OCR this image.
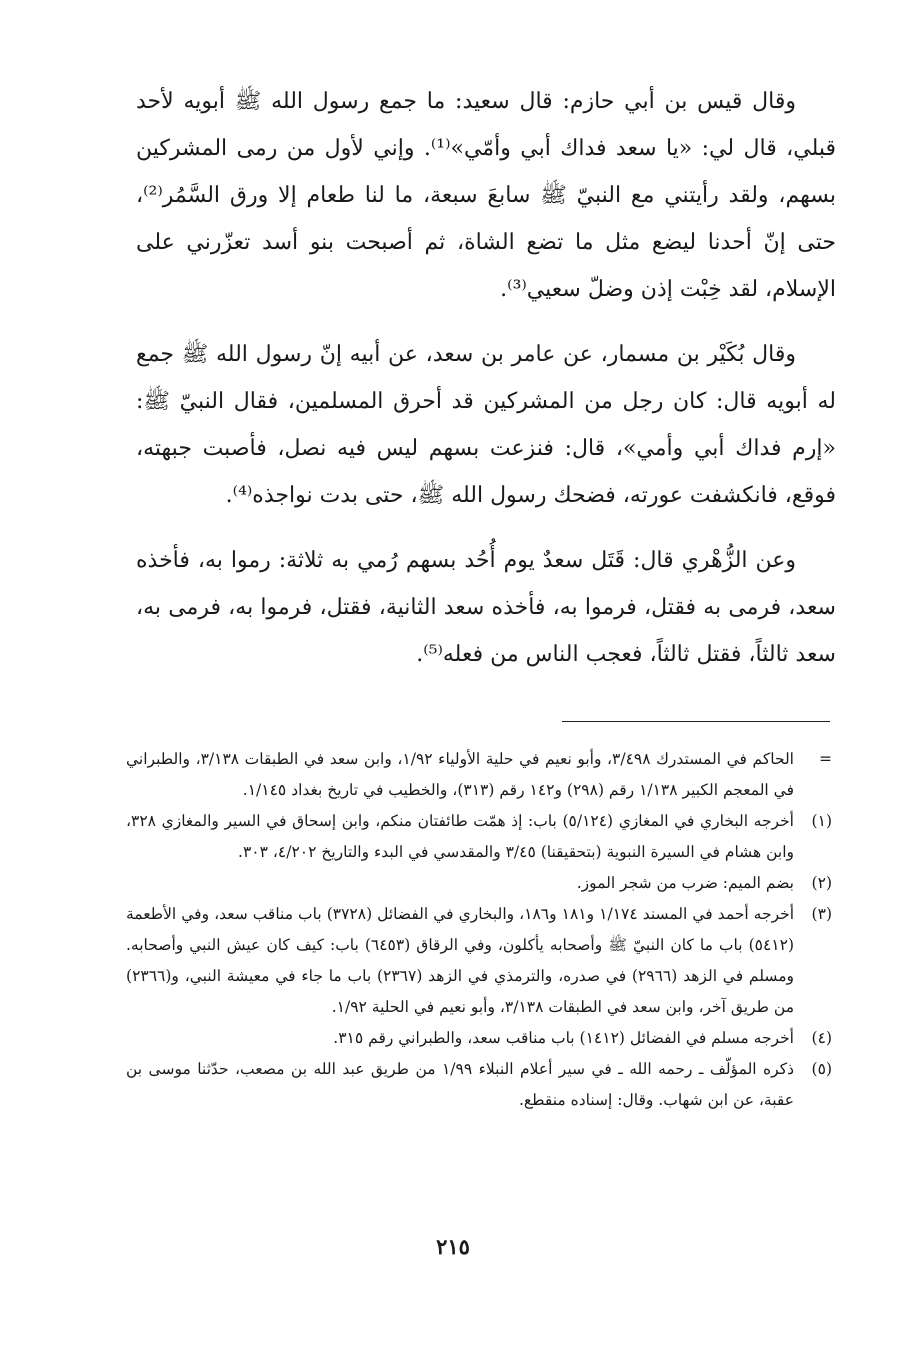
وقال قيس بن أبي حازم: قال سعيد: ما جمع رسول الله ﷺ أبويه لأحد قبلي، قال لي: «يا سعد فداك أبي وأمّي»⁽¹⁾. وإني لأول من رمى المشركين بسهم، ولقد رأيتني مع النبيّ ﷺ سابعَ سبعة، ما لنا طعام إلا ورق السَّمُر⁽²⁾، حتى إنّ أحدنا ليضع مثل ما تضع الشاة، ثم أصبحت بنو أسد تعزّرني على الإسلام، لقد خِبْت إذن وضلّ سعيي⁽³⁾.

وقال بُكَيْر بن مسمار، عن عامر بن سعد، عن أبيه إنّ رسول الله ﷺ جمع له أبويه قال: كان رجل من المشركين قد أحرق المسلمين، فقال النبيّ ﷺ: «إرم فداك أبي وأمي»، قال: فنزعت بسهم ليس فيه نصل، فأصبت جبهته، فوقع، فانكشفت عورته، فضحك رسول الله ﷺ، حتى بدت نواجذه⁽⁴⁾.

وعن الزُّهْري قال: قَتَل سعدٌ يوم أُحُد بسهم رُمي به ثلاثة: رموا به، فأخذه سعد، فرمى به فقتل، فرموا به، فأخذه سعد الثانية، فقتل، فرموا به، فرمى به، سعد ثالثاً، فقتل ثالثاً، فعجب الناس من فعله⁽⁵⁾.

=
الحاكم في المستدرك ٣/٤٩٨، وأبو نعيم في حلية الأولياء ١/٩٢، وابن سعد في الطبقات ٣/١٣٨، والطبراني في المعجم الكبير ١/١٣٨ رقم (٢٩٨) و١٤٢ رقم (٣١٣)، والخطيب في تاريخ بغداد ١/١٤٥.
(١)
أخرجه البخاري في المغازي (٥/١٢٤) باب: إذ همّت طائفتان منكم، وابن إسحاق في السير والمغازي ٣٢٨، وابن هشام في السيرة النبوية (بتحقيقنا) ٣/٤٥ والمقدسي في البدء والتاريخ ٤/٢٠٢، ٣٠٣.
(٢)
بضم الميم: ضرب من شجر الموز.
(٣)
أخرجه أحمد في المسند ١/١٧٤ و١٨١ و١٨٦، والبخاري في الفضائل (٣٧٢٨) باب مناقب سعد، وفي الأطعمة (٥٤١٢) باب ما كان النبيّ ﷺ وأصحابه يأكلون، وفي الرقاق (٦٤٥٣) باب: كيف كان عيش النبي وأصحابه. ومسلم في الزهد (٢٩٦٦) في صدره، والترمذي في الزهد (٢٣٦٧) باب ما جاء في معيشة النبي، و(٢٣٦٦) من طريق آخر، وابن سعد في الطبقات ٣/١٣٨، وأبو نعيم في الحلية ١/٩٢.
(٤)
أخرجه مسلم في الفضائل (١٤١٢) باب مناقب سعد، والطبراني رقم ٣١٥.
(٥)
ذكره المؤلّف ـ رحمه الله ـ في سير أعلام النبلاء ١/٩٩ من طريق عبد الله بن مصعب، حدّثنا موسى بن عقبة، عن ابن شهاب. وقال: إسناده منقطع.
٢١٥
